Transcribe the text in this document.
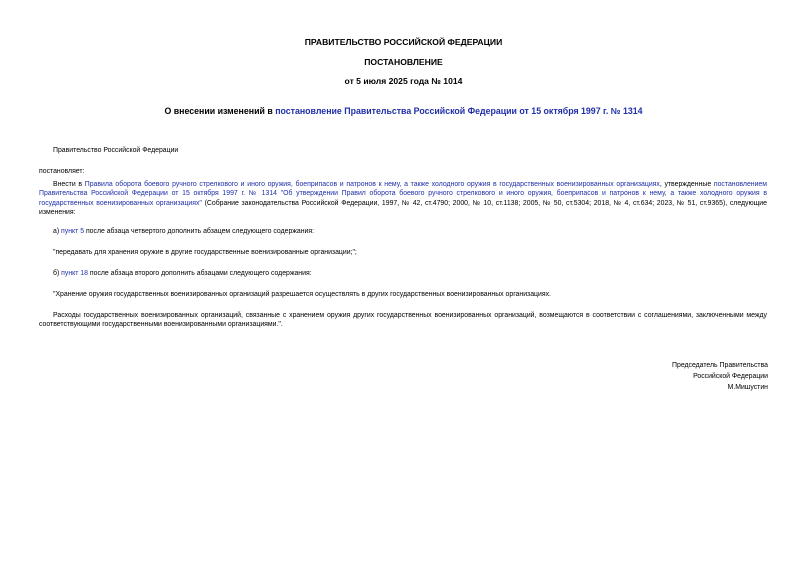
ПРАВИТЕЛЬСТВО РОССИЙСКОЙ ФЕДЕРАЦИИ
ПОСТАНОВЛЕНИЕ
от 5 июля 2025 года № 1014
О внесении изменений в постановление Правительства Российской Федерации от 15 октября 1997 г. № 1314
Правительство Российской Федерации
постановляет:

Внести в Правила оборота боевого ручного стрелкового и иного оружия, боеприпасов и патронов к нему, а также холодного оружия в государственных военизированных организациях, утвержденные постановлением Правительства Российской Федерации от 15 октября 1997 г. № 1314 "Об утверждении Правил оборота боевого ручного стрелкового и иного оружия, боеприпасов и патронов к нему, а также холодного оружия в государственных военизированных организациях" (Собрание законодательства Российской Федерации, 1997, № 42, ст.4790; 2000, № 10, ст.1138; 2005, № 50, ст.5304; 2018, № 4, ст.634; 2023, № 51, ст.9365), следующие изменения:

а) пункт 5 после абзаца четвертого дополнить абзацем следующего содержания:
"передавать для хранения оружие в другие государственные военизированные организации;";
б) пункт 18 после абзаца второго дополнить абзацами следующего содержания:
"Хранение оружия государственных военизированных организаций разрешается осуществлять в других государственных военизированных организациях.

Расходы государственных военизированных организаций, связанные с хранением оружия других государственных военизированных организаций, возмещаются в соответствии с соглашениями, заключенными между соответствующими государственными военизированными организациями.".

Председатель Правительства
Российской Федерации
М.Мишустин
